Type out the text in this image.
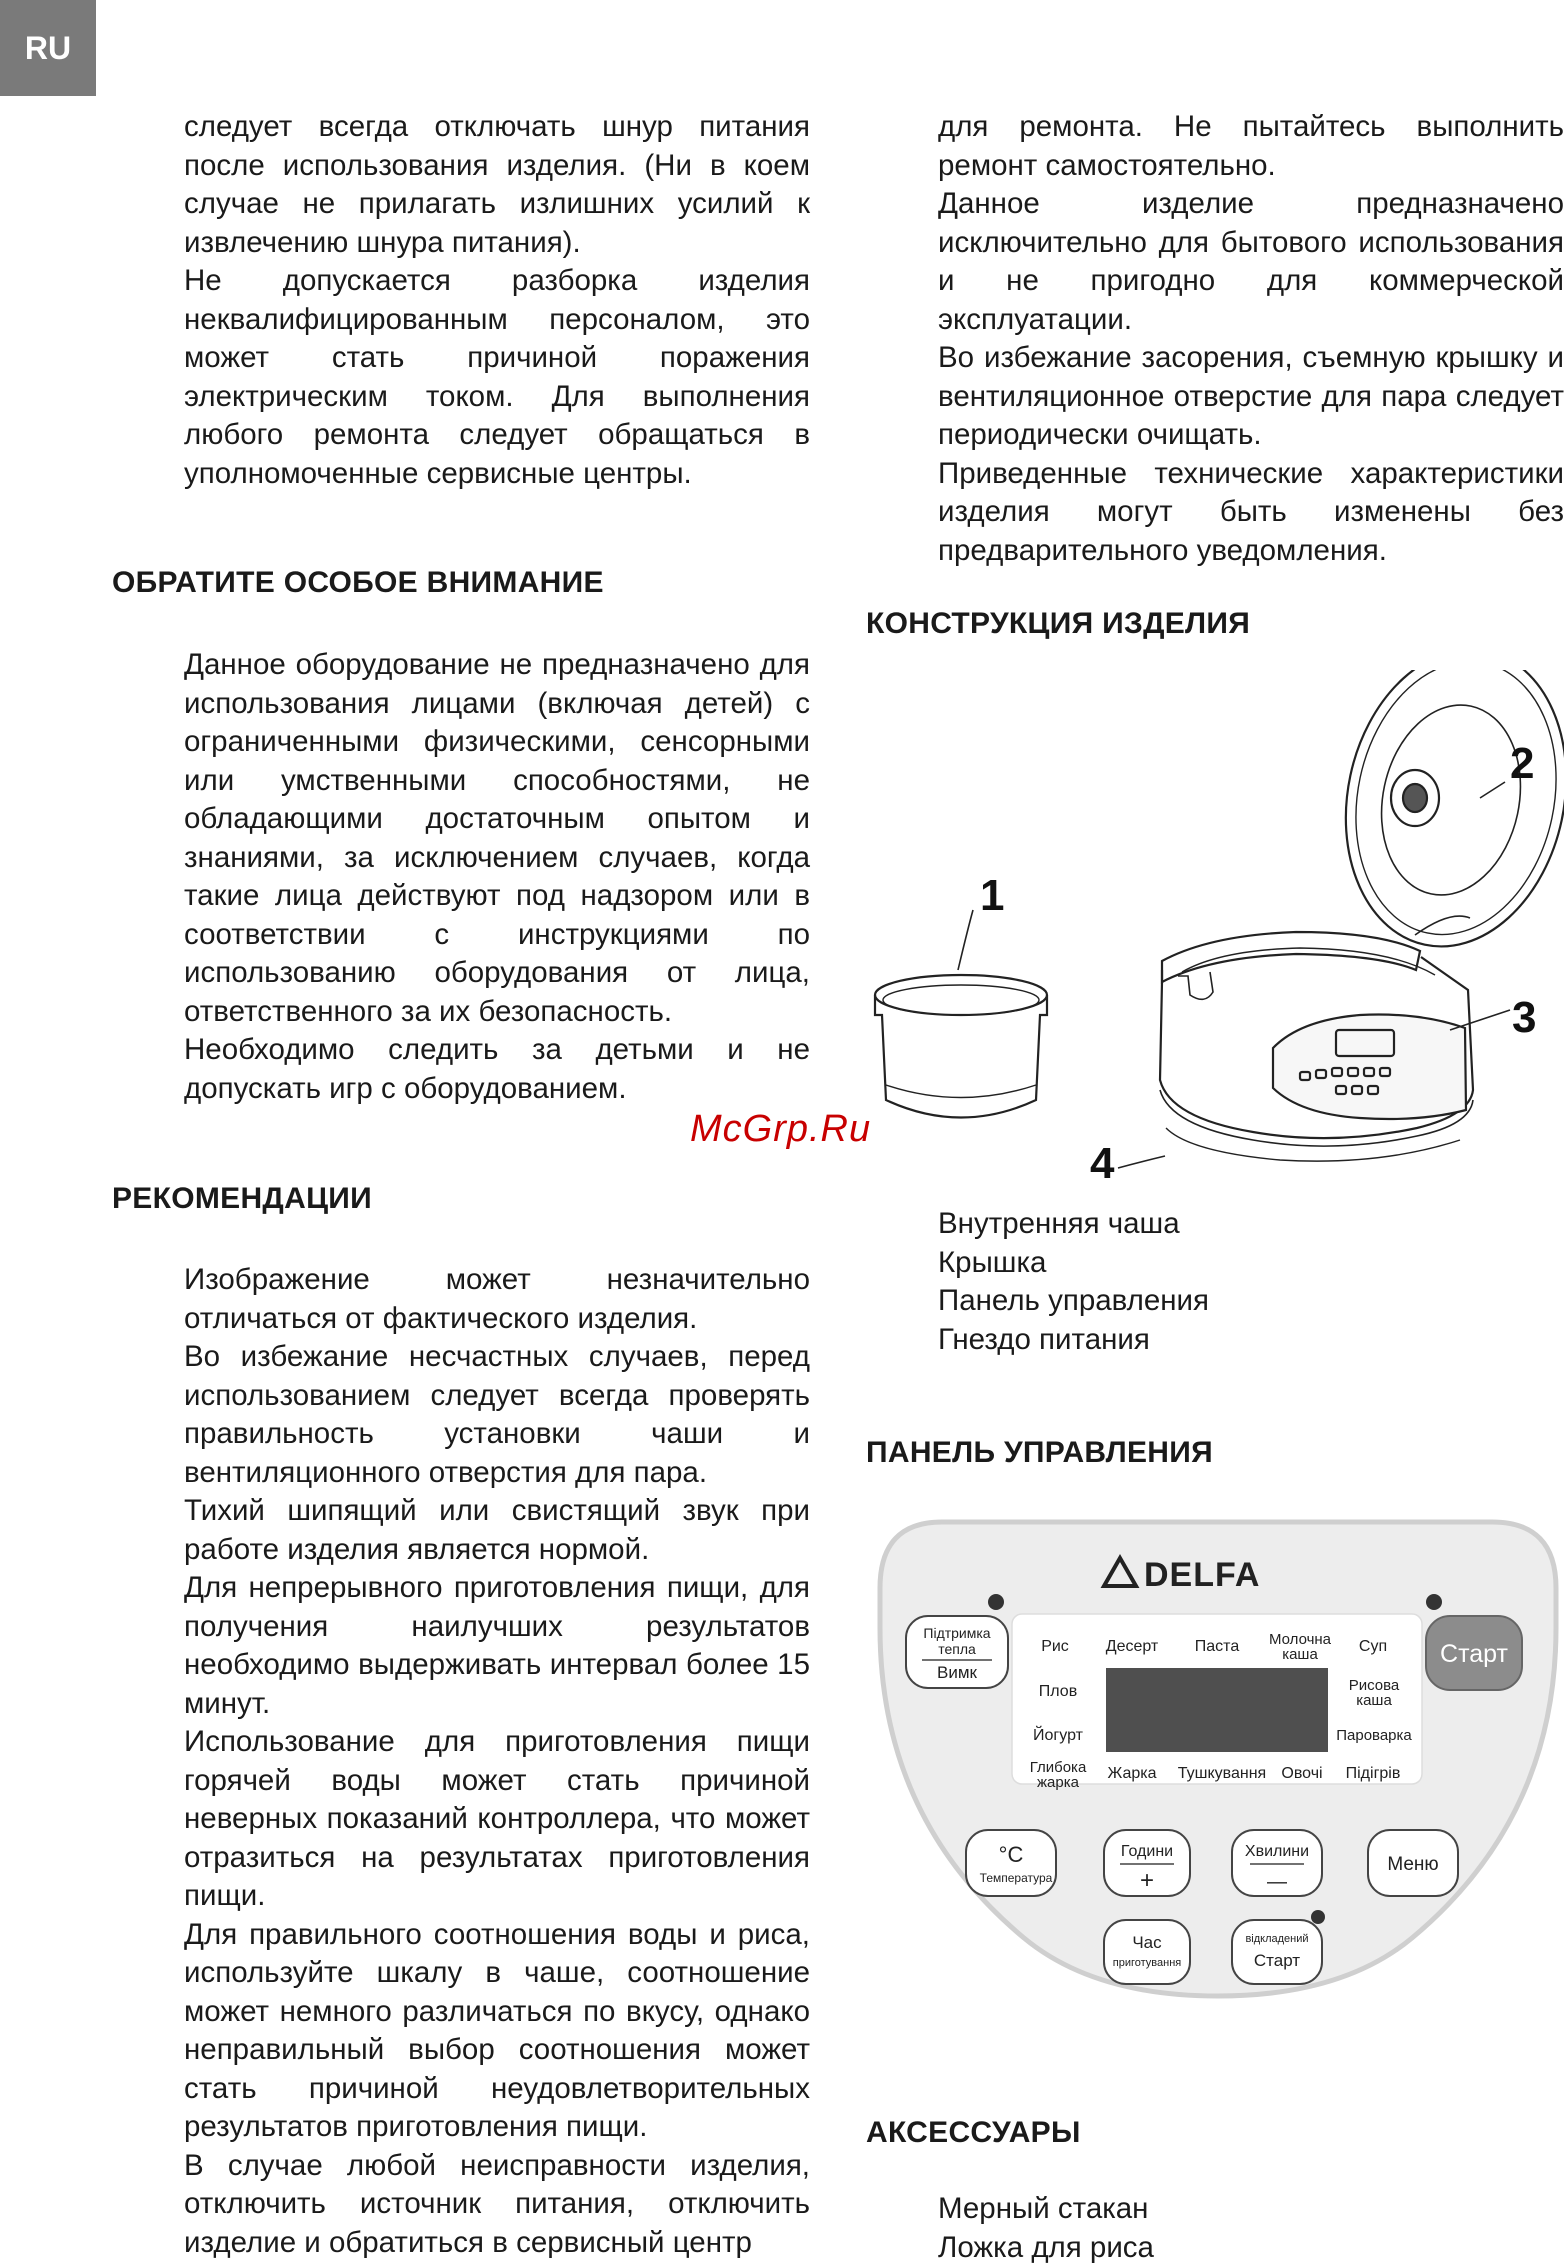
RU

следует всегда отключать шнур питания после использования изделия. (Ни в коем случае не прилагать излишних усилий к извлечению шнура питания).

Не допускается разборка изделия неквалифицированным персоналом, это может стать причиной поражения электрическим током. Для выполнения любого ремонта следует обращаться в уполномоченные сервисные центры.

ОБРАТИТЕ ОСОБОЕ ВНИМАНИЕ

Данное оборудование не предназначено для использования лицами (включая детей) с ограниченными физическими, сенсорными или умственными способностями, не обладающими достаточным опытом и знаниями, за исключением случаев, когда такие лица действуют под надзором или в соответствии с инструкциями по использованию оборудования от лица, ответственного за их безопасность.

Необходимо следить за детьми и не допускать игр с оборудованием.

РЕКОМЕНДАЦИИ

Изображение может незначительно отличаться от фактического изделия.

Во избежание несчастных случаев, перед использованием следует всегда проверять правильность установки чаши и вентиляционного отверстия для пара.

Тихий шипящий или свистящий звук при работе изделия является нормой.

Для непрерывного приготовления пищи, для получения наилучших результатов необходимо выдерживать интервал более 15 минут.

Использование для приготовления пищи горячей воды может стать причиной неверных показаний контроллера, что может отразиться на результатах приготовления пищи.

Для правильного соотношения воды и риса, используйте шкалу в чаше, соотношение может немного различаться по вкусу, однако неправильный выбор соотношения может стать причиной неудовлетворительных результатов приготовления пищи.

В случае любой неисправности изделия, отключить источник питания, отключить изделие и обратиться в сервисный центр

для ремонта. Не пытайтесь выполнить ремонт самостоятельно.

Данное изделие предназначено исключительно для бытового использования и не пригодно для коммерческой эксплуатации.

Во избежание засорения, съемную крышку и вентиляционное отверстие для пара следует периодически очищать.

Приведенные технические характеристики изделия могут быть изменены без предварительного уведомления.

КОНСТРУКЦИЯ ИЗДЕЛИЯ
1
2
3
4
Внутренняя чаша
Крышка
Панель управления
Гнездо питания
ПАНЕЛЬ УПРАВЛЕНИЯ
DELFA
Підтримка
тепла
Вимк
Старт
Рис Десерт Паста Молочна
каша	Суп
Плов
Йогурт
Глибока
жарка
Рисова
каша
Пароварка
Жарка Тушкування Овочі Підігрів
°C
Температура
Години
+
Хвилини
—
Меню
Час
приготування
відкладений
Старт
АКСЕССУАРЫ
Мерный стакан
Ложка для риса
McGrp.Ru
